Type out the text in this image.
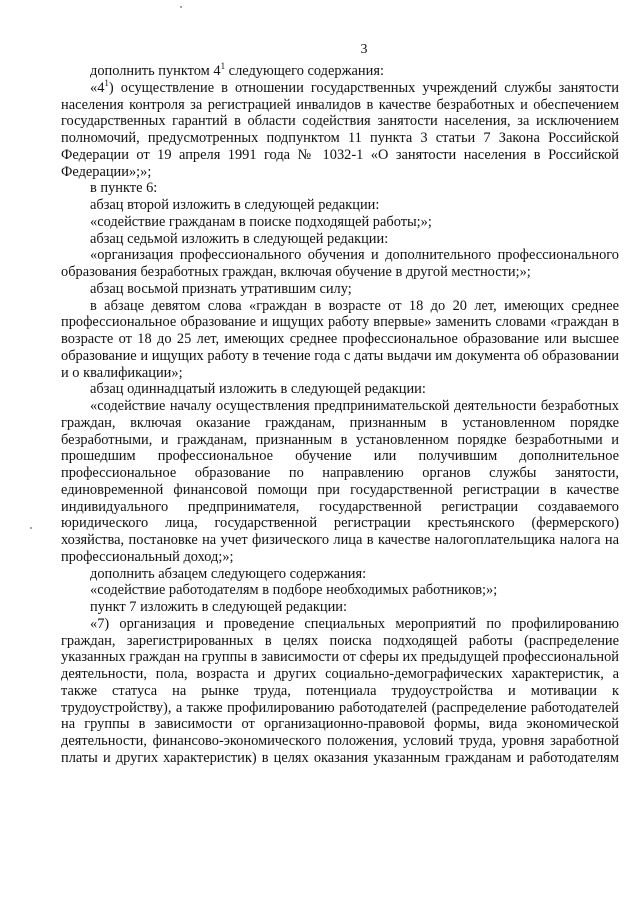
3

дополнить пунктом $4^1$ следующего содержания:

«$4^1$) осуществление в отношении государственных учреждений службы занятости населения контроля за регистрацией инвалидов в качестве безработных и обеспечением государственных гарантий в области содействия занятости населения, за исключением полномочий, предусмотренных подпунктом 11 пункта 3 статьи 7 Закона Российской Федерации от 19 апреля 1991 года № 1032-1 «О занятости населения в Российской Федерации»;»;

в пункте 6:

абзац второй изложить в следующей редакции:

«содействие гражданам в поиске подходящей работы;»;

абзац седьмой изложить в следующей редакции:

«организация профессионального обучения и дополнительного профессионального образования безработных граждан, включая обучение в другой местности;»;

абзац восьмой признать утратившим силу;

в абзаце девятом слова «граждан в возрасте от 18 до 20 лет, имеющих среднее профессиональное образование и ищущих работу впервые» заменить словами «граждан в возрасте от 18 до 25 лет, имеющих среднее профессиональное образование или высшее образование и ищущих работу в течение года с даты выдачи им документа об образовании и о квалификации»;

абзац одиннадцатый изложить в следующей редакции:

«содействие началу осуществления предпринимательской деятельности безработных граждан, включая оказание гражданам, признанным в установленном порядке безработными, и гражданам, признанным в установленном порядке безработными и прошедшим профессиональное обучение или получившим дополнительное профессиональное образование по направлению органов службы занятости, единовременной финансовой помощи при государственной регистрации в качестве индивидуального предпринимателя, государственной регистрации создаваемого юридического лица, государственной регистрации крестьянского (фермерского) хозяйства, постановке на учет физического лица в качестве налогоплательщика налога на профессиональный доход;»;

дополнить абзацем следующего содержания:

«содействие работодателям в подборе необходимых работников;»;

пункт 7 изложить в следующей редакции:

«7) организация и проведение специальных мероприятий по профилированию граждан, зарегистрированных в целях поиска подходящей работы (распределение указанных граждан на группы в зависимости от сферы их предыдущей профессиональной деятельности, пола, возраста и других социально-демографических характеристик, а также статуса на рынке труда, потенциала трудоустройства и мотивации к трудоустройству), а также профилированию работодателей (распределение работодателей на группы в зависимости от организационно-правовой формы, вида экономической деятельности, финансово-экономического положения, условий труда, уровня заработной платы и других характеристик) в целях оказания указанным гражданам и работодателям
